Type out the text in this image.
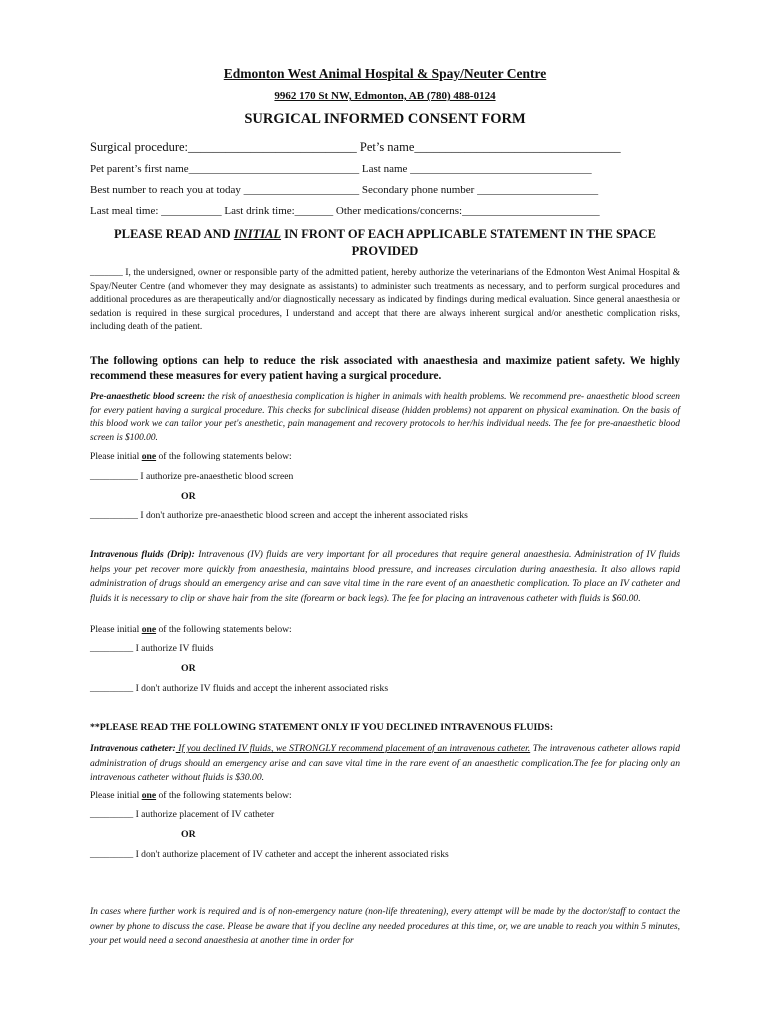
Edmonton West Animal Hospital & Spay/Neuter Centre
9962 170 St NW, Edmonton, AB (780) 488-0124
SURGICAL INFORMED CONSENT FORM
Surgical procedure:___________________________ Pet’s name_________________________________
Pet parent’s first name_______________________________ Last name _________________________________
Best number to reach you at today _____________________ Secondary phone number ______________________
Last meal time: ___________ Last drink time:_______ Other medications/concerns:_________________________
PLEASE READ AND INITIAL IN FRONT OF EACH APPLICABLE STATEMENT IN THE SPACE PROVIDED

_______ I, the undersigned, owner or responsible party of the admitted patient, hereby authorize the veterinarians of the Edmonton West Animal Hospital & Spay/Neuter Centre (and whomever they may designate as assistants) to administer such treatments as necessary, and to perform surgical procedures and additional procedures as are therapeutically and/or diagnostically necessary as indicated by findings during medical evaluation. Since general anaesthesia or sedation is required in these surgical procedures, I understand and accept that there are always inherent surgical and/or anesthetic complication risks, including death of the patient.

The following options can help to reduce the risk associated with anaesthesia and maximize patient safety. We highly recommend these measures for every patient having a surgical procedure.

Pre-anaesthetic blood screen: the risk of anaesthesia complication is higher in animals with health problems. We recommend pre- anaesthetic blood screen for every patient having a surgical procedure. This checks for subclinical disease (hidden problems) not apparent on physical examination. On the basis of this blood work we can tailor your pet's anesthetic, pain management and recovery protocols to her/his individual needs. The fee for pre-anaesthetic blood screen is $100.00.

Please initial one of the following statements below:
__________ I authorize pre-anaesthetic blood screen
OR
__________ I don't authorize pre-anaesthetic blood screen and accept the inherent associated risks

Intravenous fluids (Drip): Intravenous (IV) fluids are very important for all procedures that require general anaesthesia. Administration of IV fluids helps your pet recover more quickly from anaesthesia, maintains blood pressure, and increases circulation during anaesthesia. It also allows rapid administration of drugs should an emergency arise and can save vital time in the rare event of an anaesthetic complication. To place an IV catheter and fluids it is necessary to clip or shave hair from the site (forearm or back legs). The fee for placing an intravenous catheter with fluids is $60.00.

Please initial one of the following statements below:
_________ I authorize IV fluids
OR
_________ I don't authorize IV fluids and accept the inherent associated risks
**PLEASE READ THE FOLLOWING STATEMENT ONLY IF YOU DECLINED INTRAVENOUS FLUIDS:

Intravenous catheter: If you declined IV fluids, we STRONGLY recommend placement of an intravenous catheter. The intravenous catheter allows rapid administration of drugs should an emergency arise and can save vital time in the rare event of an anaesthetic complication.The fee for placing only an intravenous catheter without fluids is $30.00.

Please initial one of the following statements below:
_________ I authorize placement of IV catheter
OR
_________ I don't authorize placement of IV catheter and accept the inherent associated risks

In cases where further work is required and is of non-emergency nature (non-life threatening), every attempt will be made by the doctor/staff to contact the owner by phone to discuss the case. Please be aware that if you decline any needed procedures at this time, or, we are unable to reach you within 5 minutes, your pet would need a second anaesthesia at another time in order for
